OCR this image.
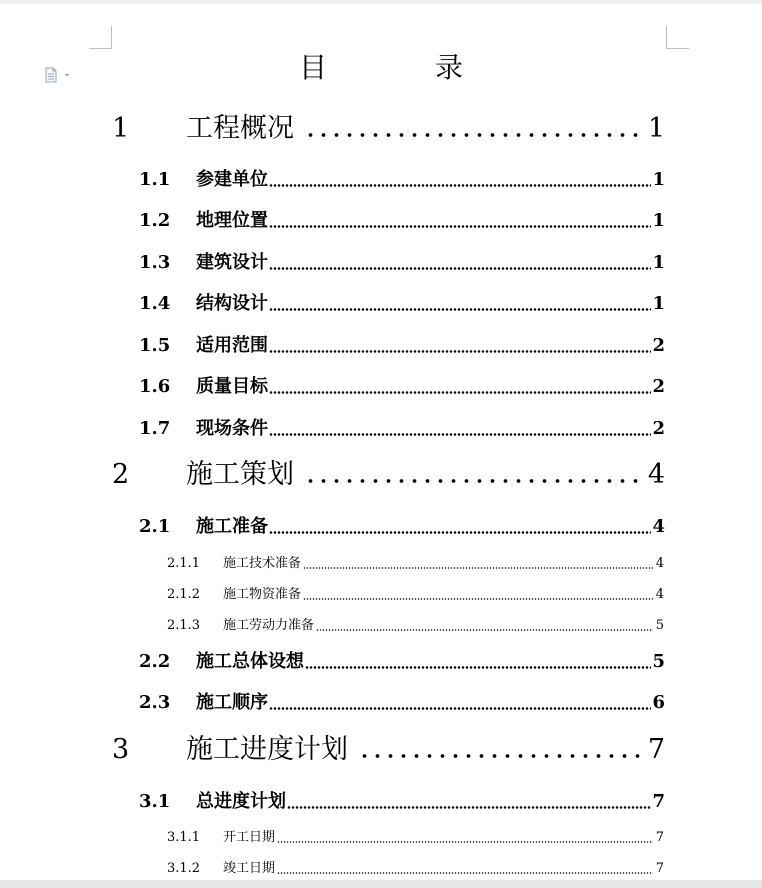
目　录
1	工程概况	1
1.1	参建单位	1
1.2	地理位置	1
1.3	建筑设计	1
1.4	结构设计	1
1.5	适用范围	2
1.6	质量目标	2
1.7	现场条件	2
2	施工策划	4
2.1	施工准备	4
2.1.1	施工技术准备	4
2.1.2	施工物资准备	4
2.1.3	施工劳动力准备	5
2.2	施工总体设想	5
2.3	施工顺序	6
3	施工进度计划	7
3.1	总进度计划	7
3.1.1	开工日期	7
3.1.2	竣工日期	7
